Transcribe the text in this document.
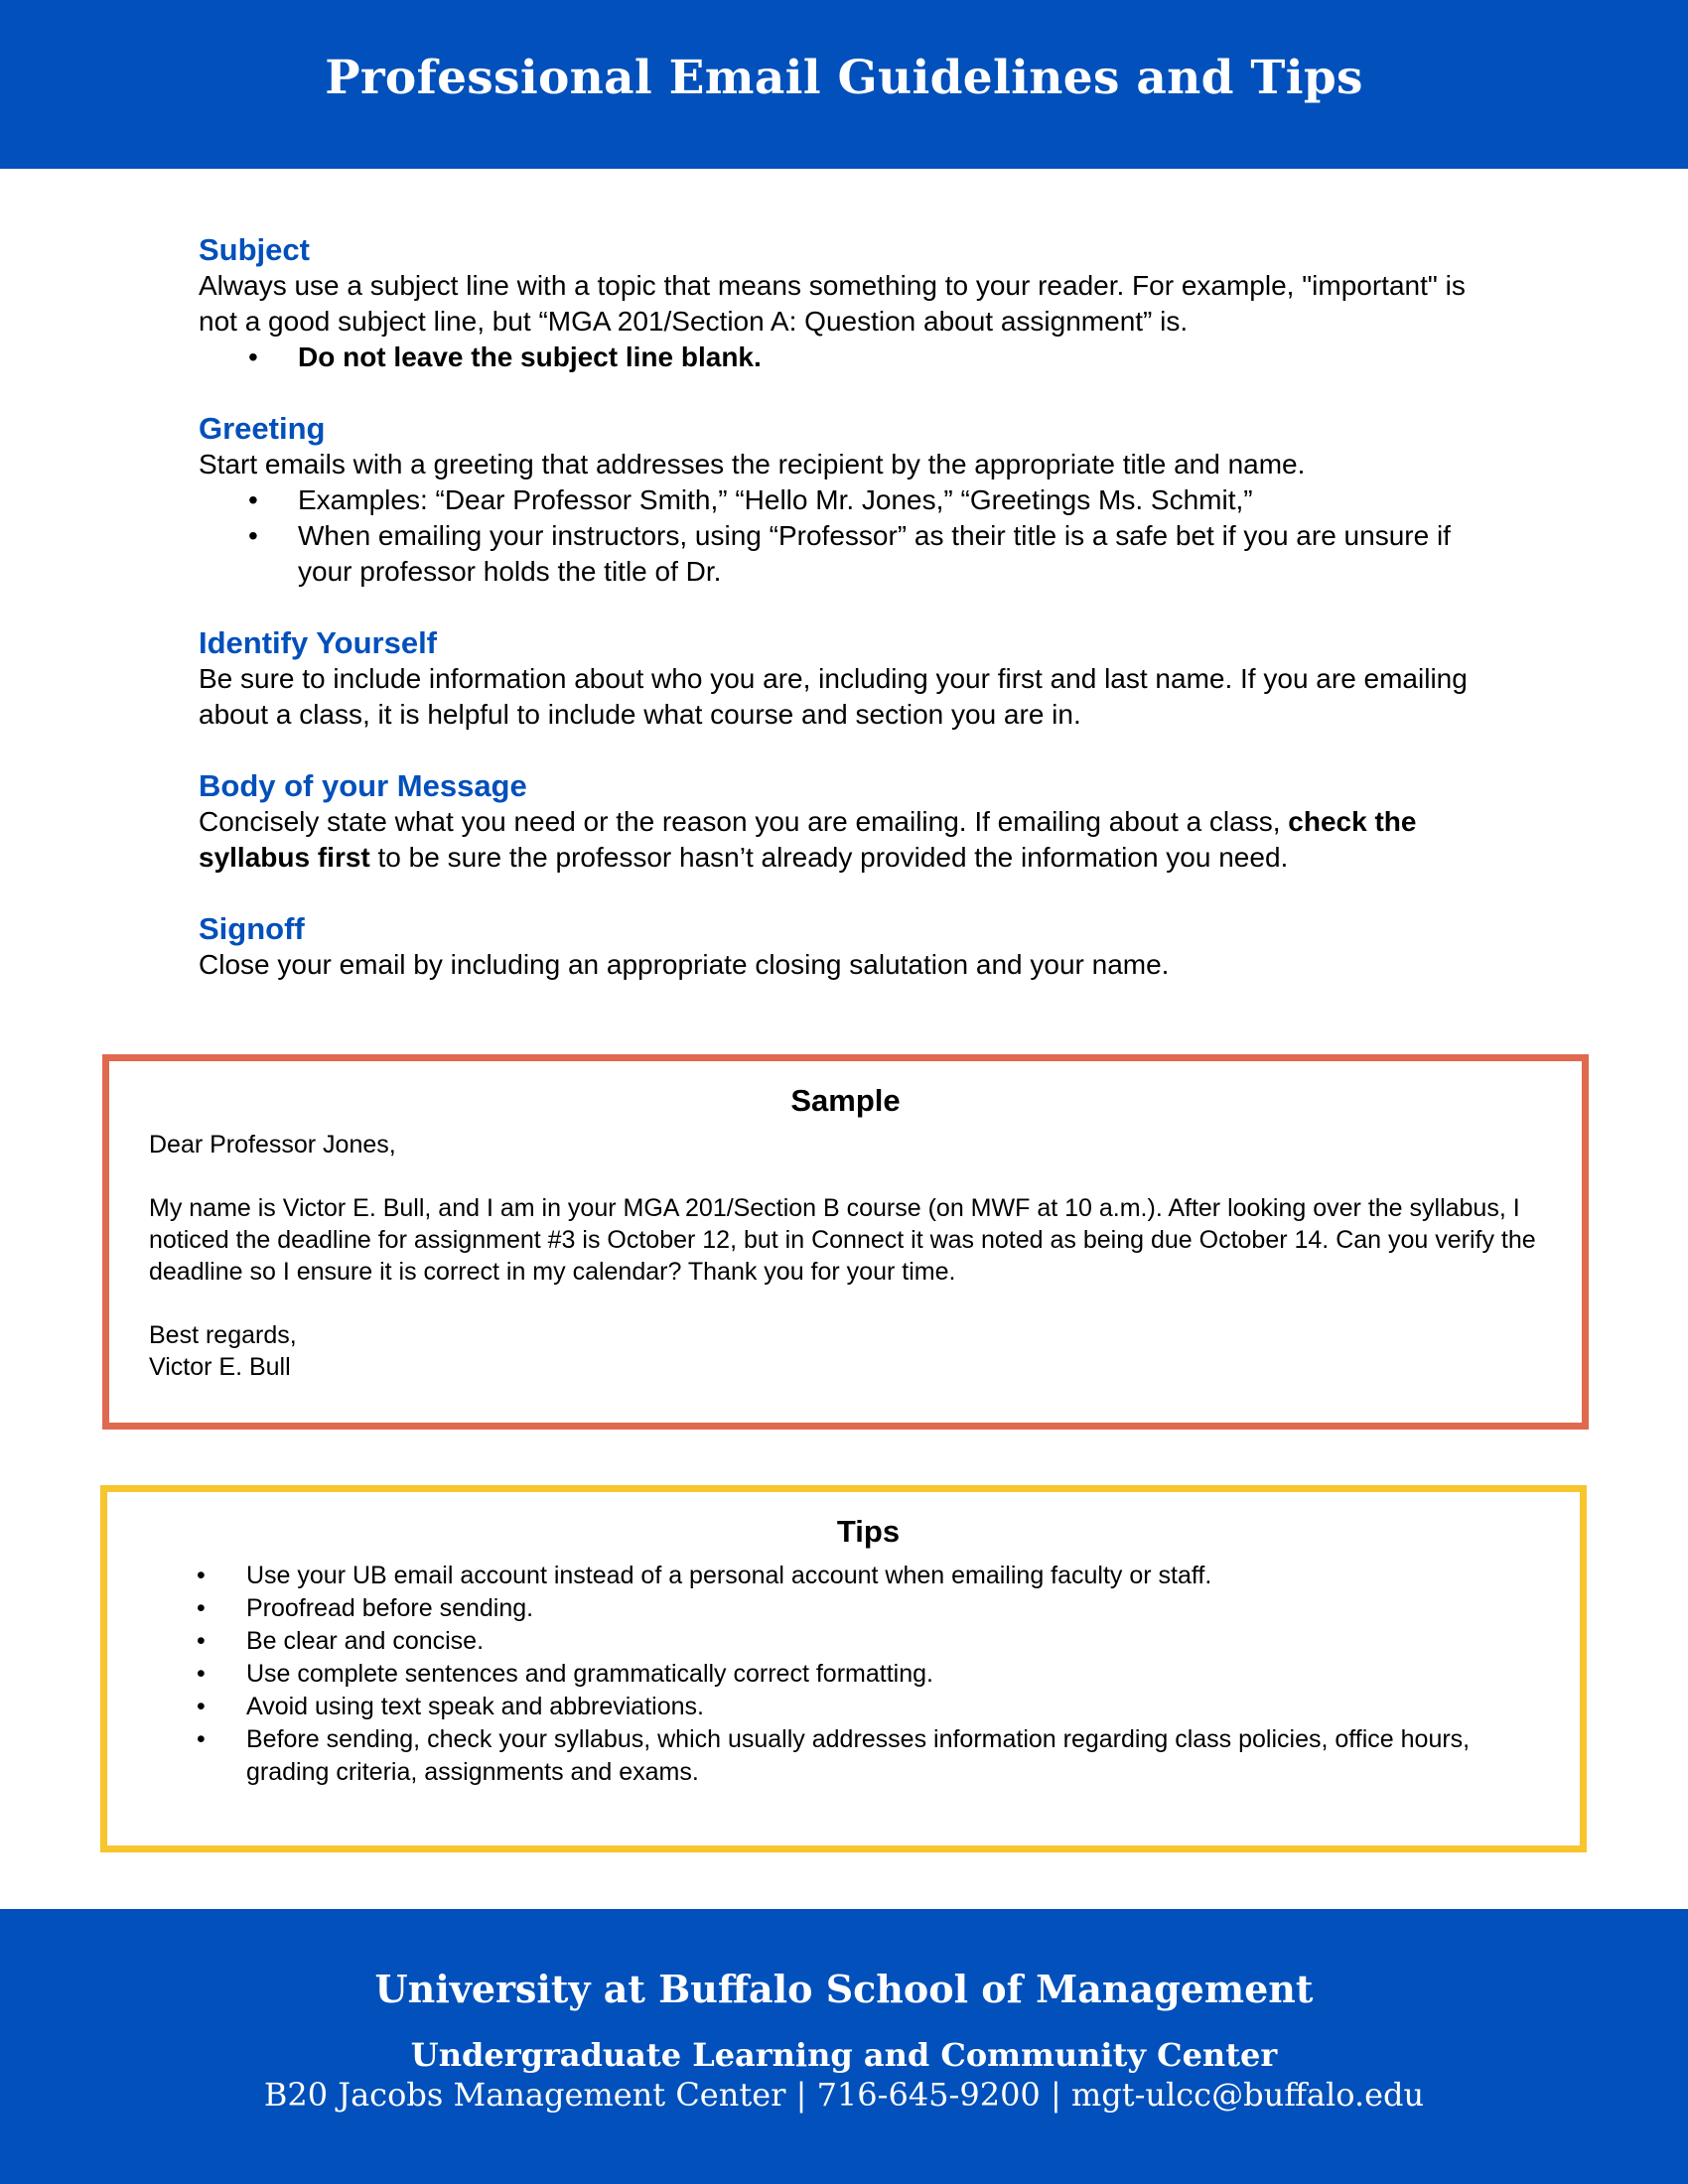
Professional Email Guidelines and Tips
Subject

Always use a subject line with a topic that means something to your reader. For example, "important" is not a good subject line, but “MGA 201/Section A: Question about assignment” is.

• Do not leave the subject line blank.
Greeting

Start emails with a greeting that addresses the recipient by the appropriate title and name.

• Examples: “Dear Professor Smith,” “Hello Mr. Jones,” “Greetings Ms. Schmit,”
• When emailing your instructors, using “Professor” as their title is a safe bet if you are unsure if your professor holds the title of Dr.
Identify Yourself

Be sure to include information about who you are, including your first and last name. If you are emailing about a class, it is helpful to include what course and section you are in.

Body of your Message

Concisely state what you need or the reason you are emailing. If emailing about a class, check the syllabus first to be sure the professor hasn’t already provided the information you need.

Signoff

Close your email by including an appropriate closing salutation and your name.

Sample

Dear Professor Jones,

My name is Victor E. Bull, and I am in your MGA 201/Section B course (on MWF at 10 a.m.). After looking over the syllabus, I noticed the deadline for assignment #3 is October 12, but in Connect it was noted as being due October 14. Can you verify the deadline so I ensure it is correct in my calendar? Thank you for your time.

Best regards,

Victor E. Bull

Tips
• Use your UB email account instead of a personal account when emailing faculty or staff.
• Proofread before sending.
• Be clear and concise.
• Use complete sentences and grammatically correct formatting.
• Avoid using text speak and abbreviations.
• Before sending, check your syllabus, which usually addresses information regarding class policies, office hours, grading criteria, assignments and exams.
University at Buffalo School of Management
Undergraduate Learning and Community Center
B20 Jacobs Management Center | 716-645-9200 | mgt-ulcc@buffalo.edu
